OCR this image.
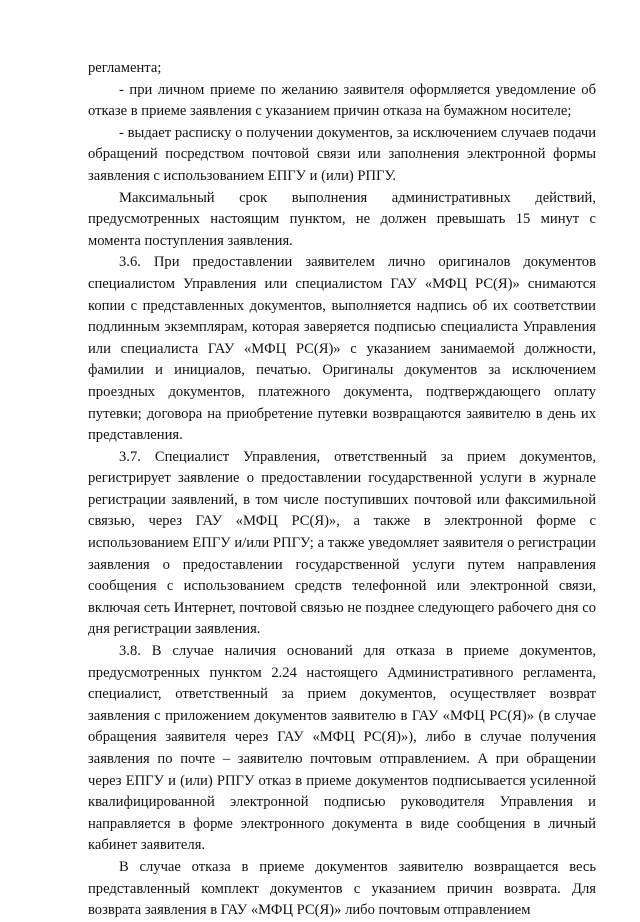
регламента;

- при личном приеме по желанию заявителя оформляется уведомление об отказе в приеме заявления с указанием причин отказа на бумажном носителе;

- выдает расписку о получении документов, за исключением случаев подачи обращений посредством почтовой связи или заполнения электронной формы заявления с использованием ЕПГУ и (или) РПГУ.

Максимальный срок выполнения административных действий, предусмотренных настоящим пунктом, не должен превышать 15 минут с момента поступления заявления.

3.6. При предоставлении заявителем лично оригиналов документов специалистом Управления или специалистом ГАУ «МФЦ РС(Я)» снимаются копии с представленных документов, выполняется надпись об их соответствии подлинным экземплярам, которая заверяется подписью специалиста Управления или специалиста ГАУ «МФЦ РС(Я)» с указанием занимаемой должности, фамилии и инициалов, печатью. Оригиналы документов за исключением проездных документов, платежного документа, подтверждающего оплату путевки; договора на приобретение путевки возвращаются заявителю в день их представления.

3.7. Специалист Управления, ответственный за прием документов, регистрирует заявление о предоставлении государственной услуги в журнале регистрации заявлений, в том числе поступивших почтовой или факсимильной связью, через ГАУ «МФЦ РС(Я)», а также в электронной форме с использованием ЕПГУ и/или РПГУ; а также уведомляет заявителя о регистрации заявления о предоставлении государственной услуги путем направления сообщения с использованием средств телефонной или электронной связи, включая сеть Интернет, почтовой связью не позднее следующего рабочего дня со дня регистрации заявления.

3.8. В случае наличия оснований для отказа в приеме документов, предусмотренных пунктом 2.24 настоящего Административного регламента, специалист, ответственный за прием документов, осуществляет возврат заявления с приложением документов заявителю в ГАУ «МФЦ РС(Я)» (в случае обращения заявителя через ГАУ «МФЦ РС(Я)»), либо в случае получения заявления по почте – заявителю почтовым отправлением. А при обращении через ЕПГУ и (или) РПГУ отказ в приеме документов подписывается усиленной квалифицированной электронной подписью руководителя Управления и направляется в форме электронного документа в виде сообщения в личный кабинет заявителя.

В случае отказа в приеме документов заявителю возвращается весь представленный комплект документов с указанием причин возврата. Для возврата заявления в ГАУ «МФЦ РС(Я)» либо почтовым отправлением
